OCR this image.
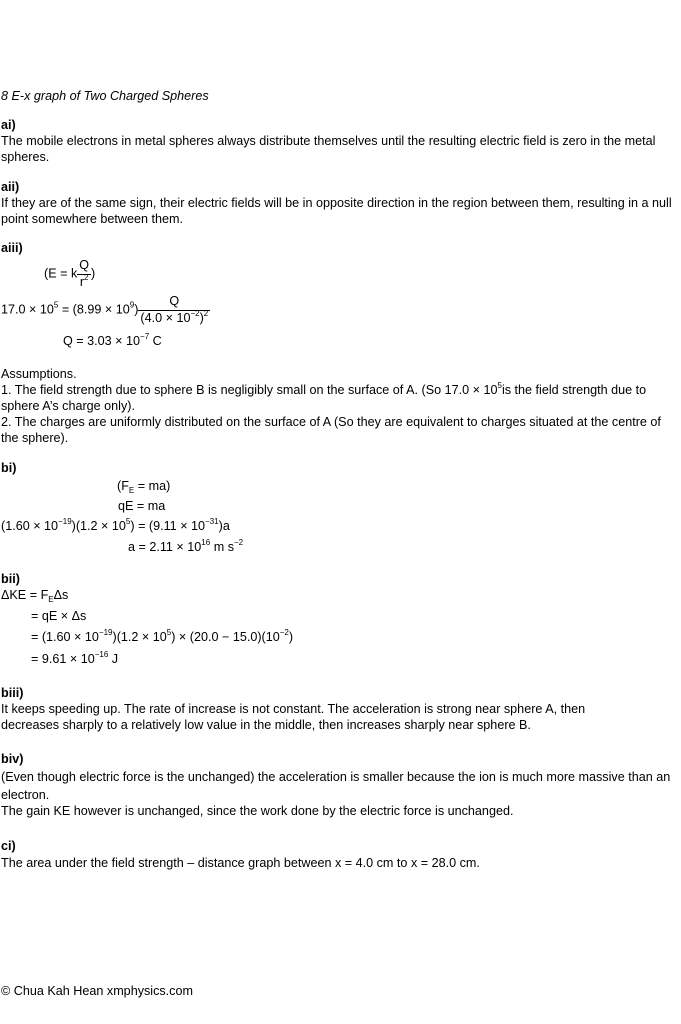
8 E-x graph of Two Charged Spheres
ai)
The mobile electrons in metal spheres always distribute themselves until the resulting electric field is zero in the metal spheres.
aii)
If they are of the same sign, their electric fields will be in opposite direction in the region between them, resulting in a null point somewhere between them.
aiii)
(E = k $\frac{Q}{r^2}$ )
$17.0 \times 10^5 = (8.99 \times 10^9) \frac{Q}{(4.0 \times 10^{-2})^2}$
$Q = 3.03 \times 10^{-7}$ C
Assumptions.
1. The field strength due to sphere B is negligibly small on the surface of A. (So $17.0 \times 10^5is$ the field strength due to sphere A’s charge only).
2. The charges are uniformly distributed on the surface of A (So they are equivalent to charges situated at the centre of the sphere).
bi)
$(F_E = ma)$
qE = ma
$(1.60 \times 10^{-19})(1.2 \times 10^5) = (9.11 \times 10^{-31})a$
$a = 2.11 \times 10^{16}$ m $s^{-2}$
bii)
$\Delta KE = F_E\Delta s$
= qE × Δs
= $(1.60 \times 10^{-19})(1.2 \times 10^5) \times (20.0 - 15.0)(10^{-2})$
= $9.61 \times 10^{-16}$ J
biii)
It keeps speeding up. The rate of increase is not constant. The acceleration is strong near sphere A, then decreases sharply to a relatively low value in the middle, then increases sharply near sphere B.
biv)
(Even though electric force is the unchanged) the acceleration is smaller because the ion is much more massive than an electron.
The gain KE however is unchanged, since the work done by the electric force is unchanged.
ci)
The area under the field strength – distance graph between x = 4.0 cm to x = 28.0 cm.
© Chua Kah Hean xmphysics.com
